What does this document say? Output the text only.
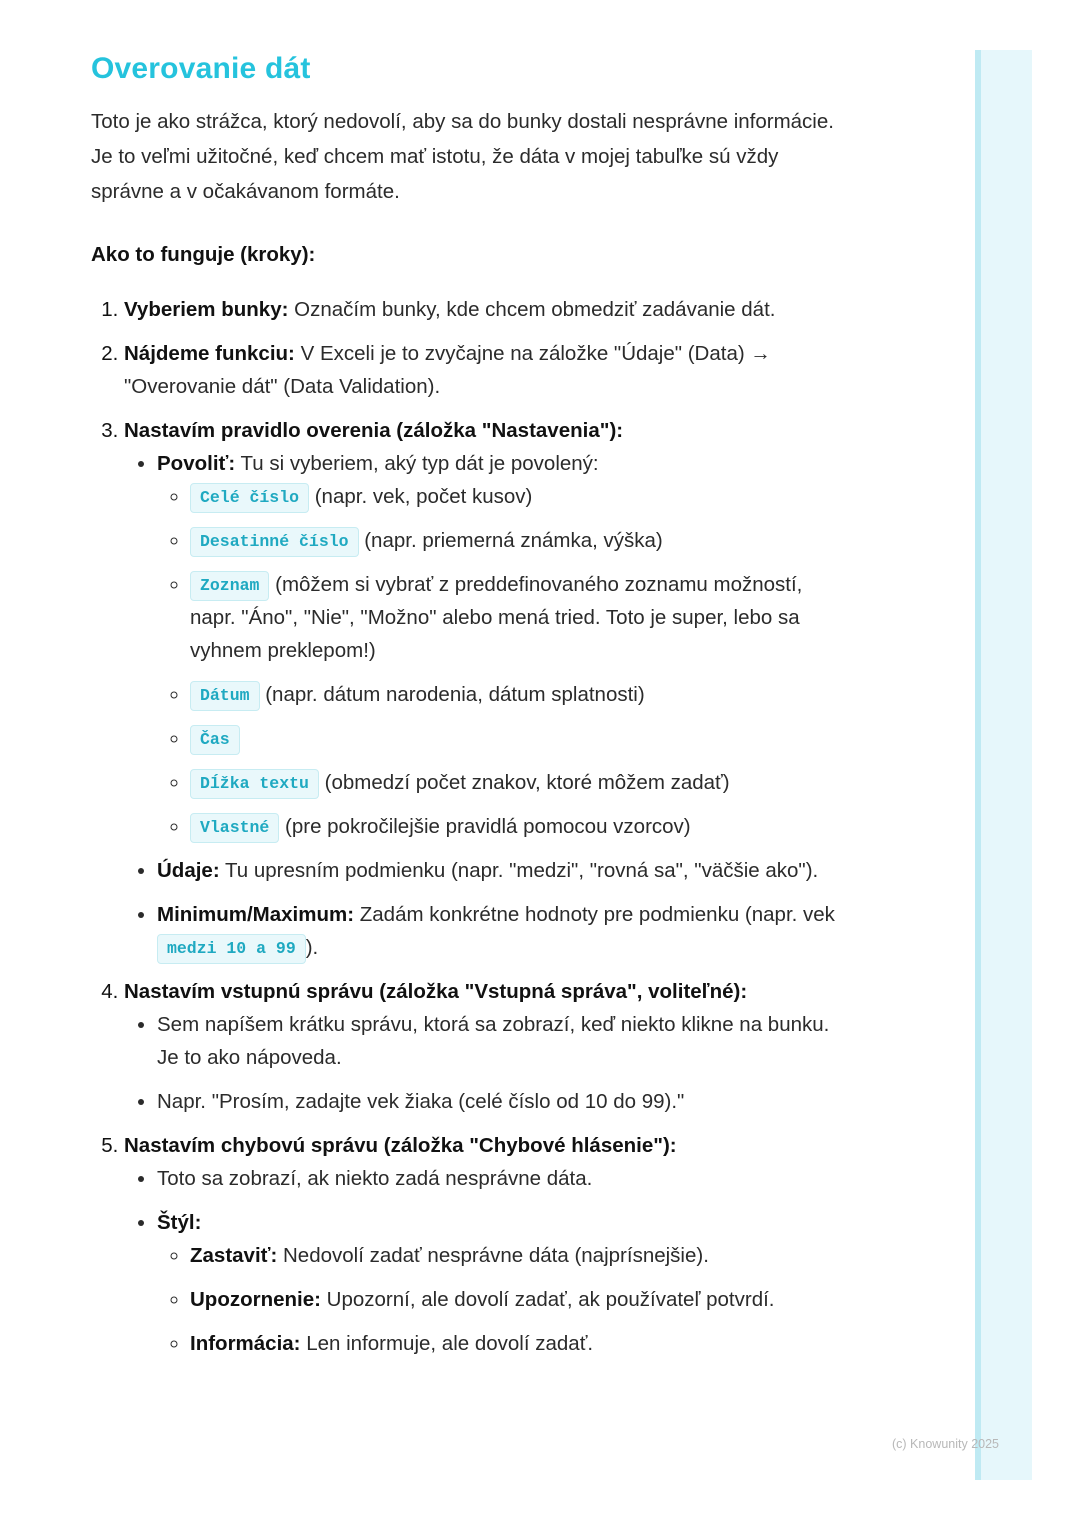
Overovanie dát

Toto je ako strážca, ktorý nedovolí, aby sa do bunky dostali nesprávne informácie. Je to veľmi užitočné, keď chcem mať istotu, že dáta v mojej tabuľke sú vždy správne a v očakávanom formáte.

Ako to funguje (kroky):
1. Vyberiem bunky: Označím bunky, kde chcem obmedziť zadávanie dát.
2. Nájdeme funkciu: V Exceli je to zvyčajne na záložke "Údaje" (Data) → "Overovanie dát" (Data Validation).
3. Nastavím pravidlo overenia (záložka "Nastavenia"):
• Povoliť: Tu si vyberiem, aký typ dát je povolený:
◦ Celé číslo (napr. vek, počet kusov)
◦ Desatinné číslo (napr. priemerná známka, výška)
◦ Zoznam (môžem si vybrať z preddefinovaného zoznamu možností, napr. "Áno", "Nie", "Možno" alebo mená tried. Toto je super, lebo sa vyhnem preklepom!)
◦ Dátum (napr. dátum narodenia, dátum splatnosti)
◦ Čas
◦ Dĺžka textu (obmedzí počet znakov, ktoré môžem zadať)
◦ Vlastné (pre pokročilejšie pravidlá pomocou vzorcov)
• Údaje: Tu upresním podmienku (napr. "medzi", "rovná sa", "väčšie ako").
• Minimum/Maximum: Zadám konkrétne hodnoty pre podmienku (napr. vek medzi 10 a 99 ).
4. Nastavím vstupnú správu (záložka "Vstupná správa", voliteľné):
• Sem napíšem krátku správu, ktorá sa zobrazí, keď niekto klikne na bunku. Je to ako nápoveda.
• Napr. "Prosím, zadajte vek žiaka (celé číslo od 10 do 99)."
5. Nastavím chybovú správu (záložka "Chybové hlásenie"):
• Toto sa zobrazí, ak niekto zadá nesprávne dáta.
• Štýl:
◦ Zastaviť: Nedovolí zadať nesprávne dáta (najprísnejšie).
◦ Upozornenie: Upozorní, ale dovolí zadať, ak používateľ potvrdí.
◦ Informácia: Len informuje, ale dovolí zadať.
(c) Knowunity 2025
